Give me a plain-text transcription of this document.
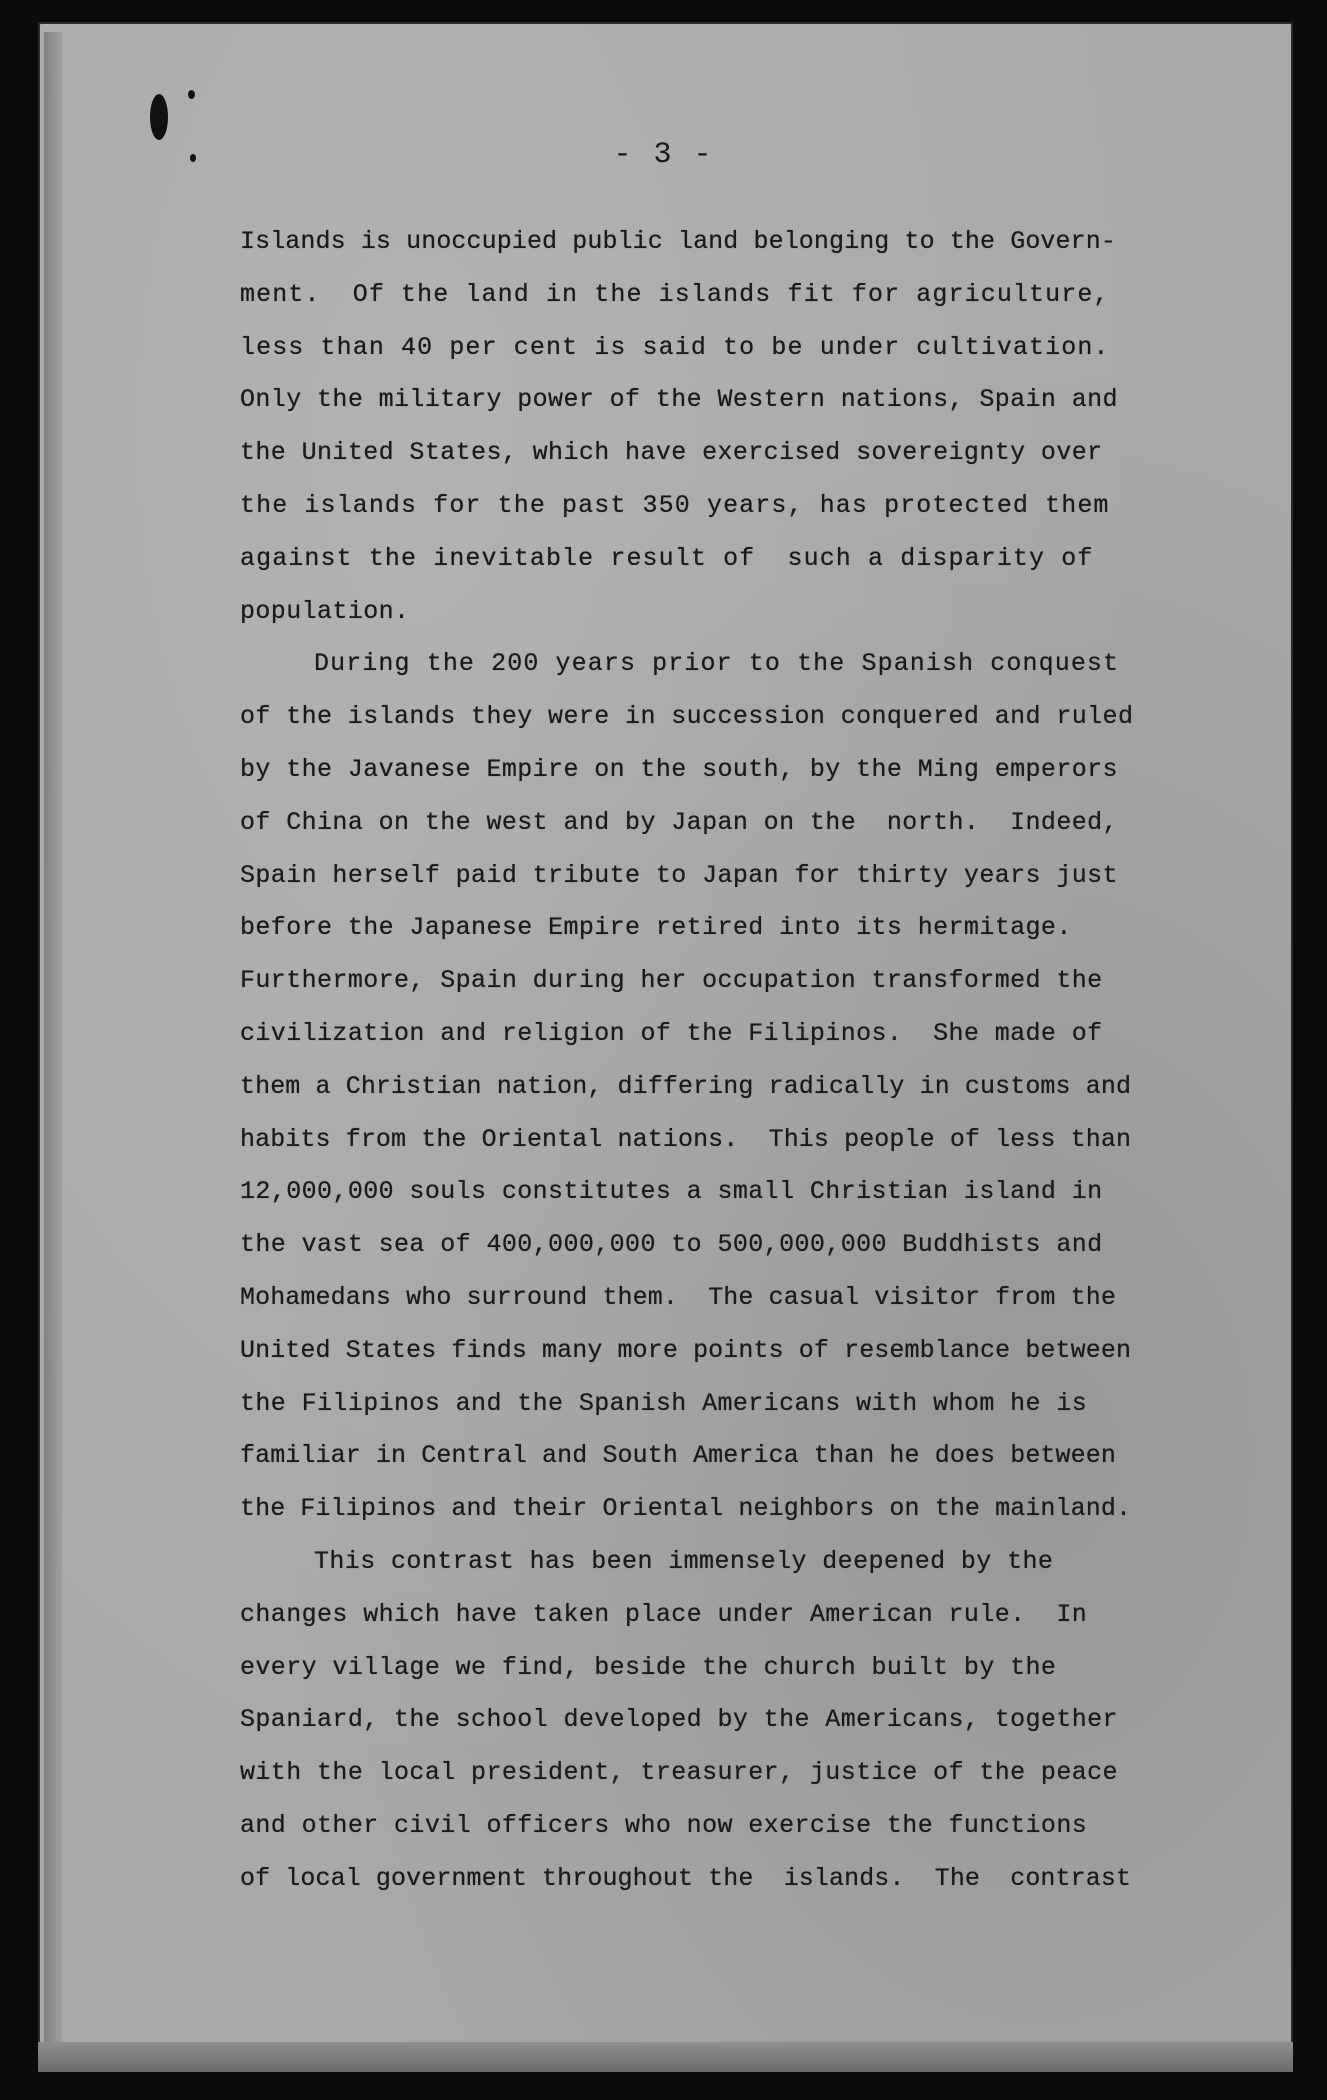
- 3 -
Islands is unoccupied public land belonging to the Govern-
ment.  Of the land in the islands fit for agriculture,
less than 40 per cent is said to be under cultivation.
Only the military power of the Western nations, Spain and
the United States, which have exercised sovereignty over
the islands for the past 350 years, has protected them
against the inevitable result of  such a disparity of
population.
During the 200 years prior to the Spanish conquest
of the islands they were in succession conquered and ruled
by the Javanese Empire on the south, by the Ming emperors
of China on the west and by Japan on the  north.  Indeed,
Spain herself paid tribute to Japan for thirty years just
before the Japanese Empire retired into its hermitage.
Furthermore, Spain during her occupation transformed the
civilization and religion of the Filipinos.  She made of
them a Christian nation, differing radically in customs and
habits from the Oriental nations.  This people of less than
12,000,000 souls constitutes a small Christian island in
the vast sea of 400,000,000 to 500,000,000 Buddhists and
Mohamedans who surround them.  The casual visitor from the
United States finds many more points of resemblance between
the Filipinos and the Spanish Americans with whom he is
familiar in Central and South America than he does between
the Filipinos and their Oriental neighbors on the mainland.
This contrast has been immensely deepened by the
changes which have taken place under American rule.  In
every village we find, beside the church built by the
Spaniard, the school developed by the Americans, together
with the local president, treasurer, justice of the peace
and other civil officers who now exercise the functions
of local government throughout the  islands.  The  contrast
